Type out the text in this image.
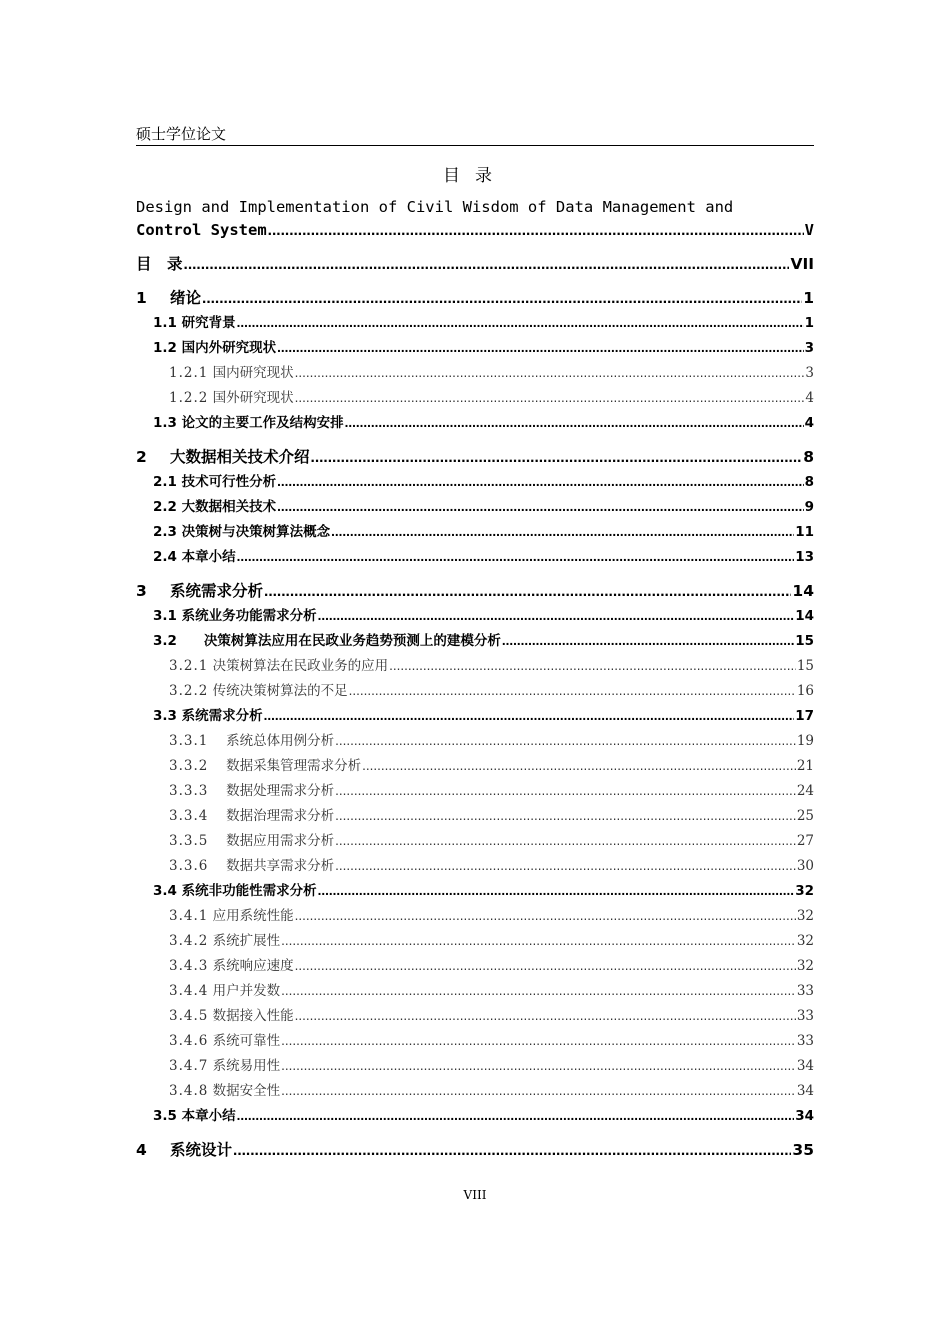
硕士学位论文
目录
Design and Implementation of Civil Wisdom of Data Management and
Control System .....	V
目　录 .....	VII
1 绪论 .....	1
1.1 研究背景 .....	1
1.2 国内外研究现状 .....	3
1.2.1 国内研究现状 .....	3
1.2.2 国外研究现状 .....	4
1.3 论文的主要工作及结构安排 .....	4
2 大数据相关技术介绍 .....	8
2.1 技术可行性分析 .....	8
2.2 大数据相关技术 .....	9
2.3 决策树与决策树算法概念 .....	11
2.4 本章小结 .....	13
3 系统需求分析 .....	14
3.1 系统业务功能需求分析 .....	14
3.2　　决策树算法应用在民政业务趋势预测上的建模分析 .....	15
3.2.1 决策树算法在民政业务的应用 .....	15
3.2.2 传统决策树算法的不足 .....	16
3.3 系统需求分析 .....	17
3.3.1 　系统总体用例分析 .....	19
3.3.2 　数据采集管理需求分析 .....	21
3.3.3 　数据处理需求分析 .....	24
3.3.4 　数据治理需求分析 .....	25
3.3.5 　数据应用需求分析 .....	27
3.3.6 　数据共享需求分析 .....	30
3.4 系统非功能性需求分析 .....	32
3.4.1 应用系统性能 .....	32
3.4.2 系统扩展性 .....	32
3.4.3 系统响应速度 .....	32
3.4.4 用户并发数 .....	33
3.4.5 数据接入性能 .....	33
3.4.6 系统可靠性 .....	33
3.4.7 系统易用性 .....	34
3.4.8 数据安全性 .....	34
3.5 本章小结 .....	34
4 系统设计 .....	35
VIII
